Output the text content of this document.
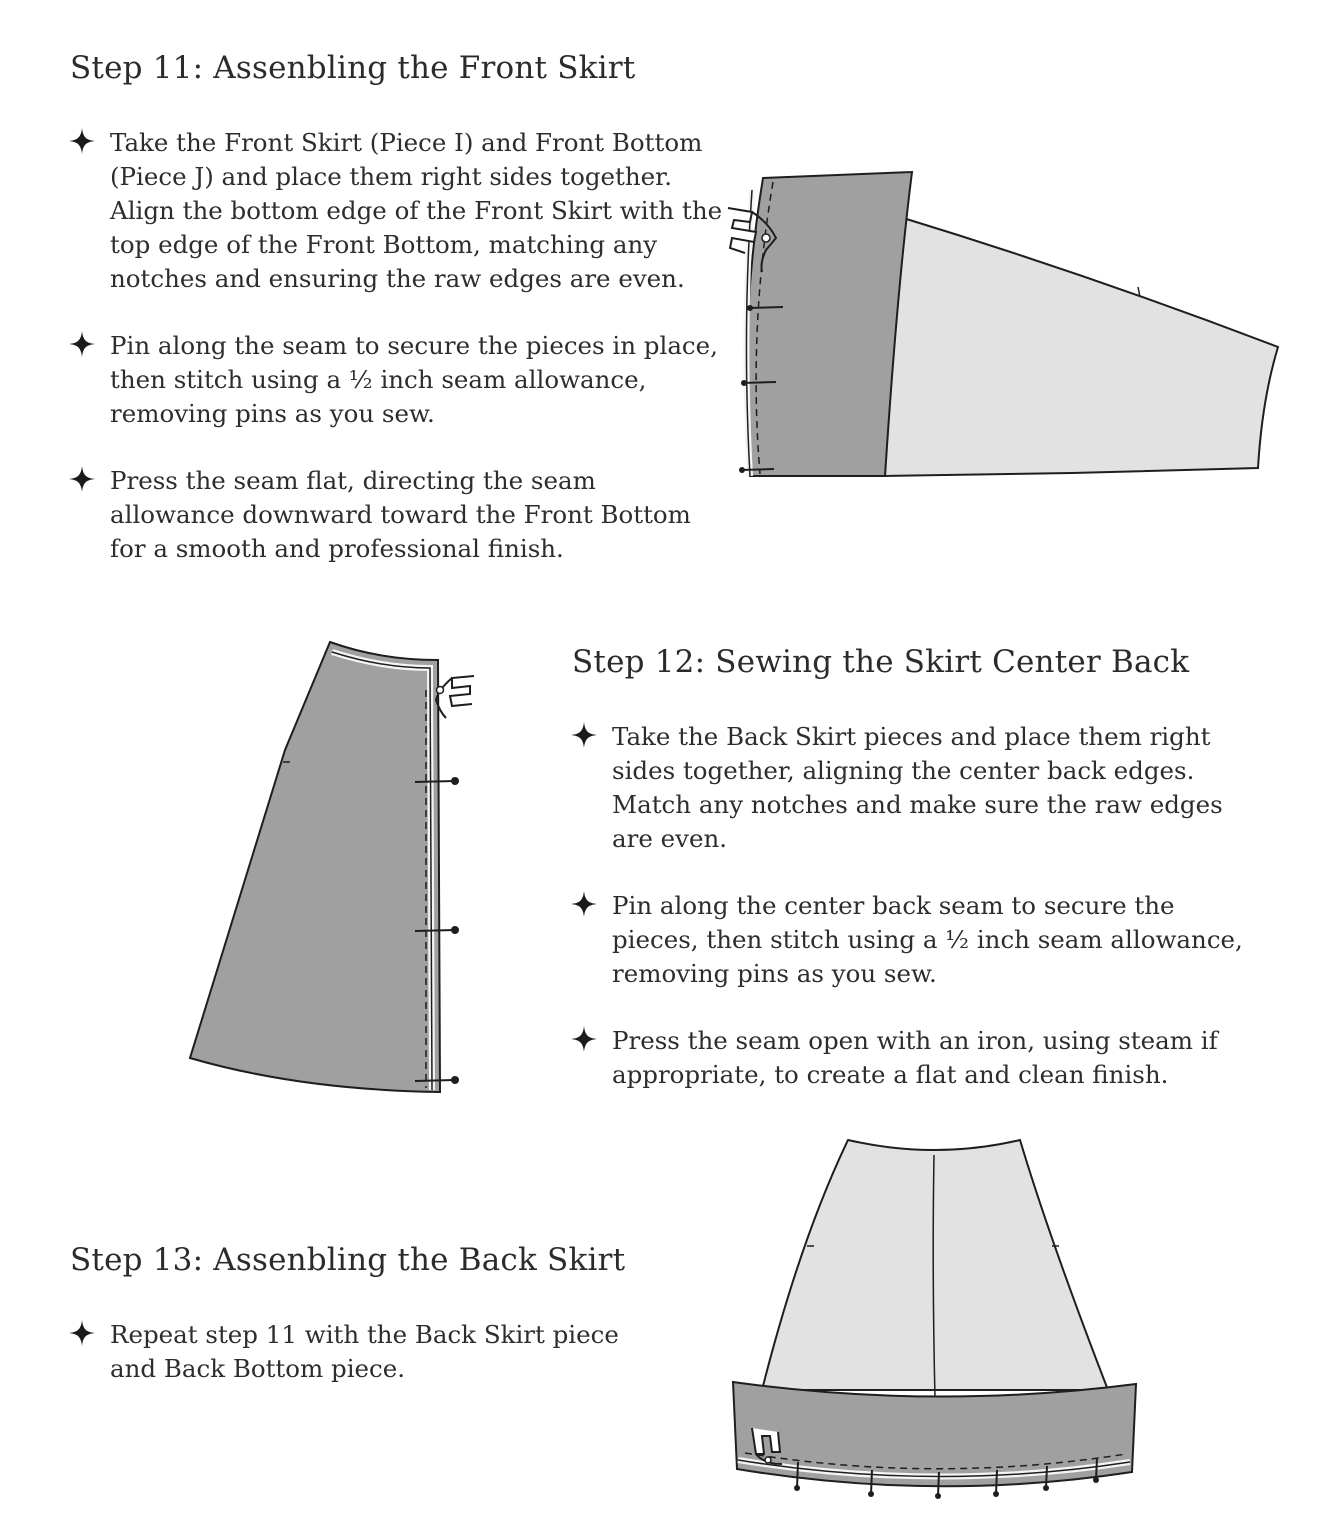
Step 11: Assenbling the Front Skirt
Take the Front Skirt (Piece I) and Front Bottom (Piece J) and place them right sides together. Align the bottom edge of the Front Skirt with the top edge of the Front Bottom, matching any notches and ensuring the raw edges are even.
Pin along the seam to secure the pieces in place, then stitch using a ½ inch seam allowance, removing pins as you sew.
Press the seam flat, directing the seam allowance downward toward the Front Bottom for a smooth and professional finish.
Step 12: Sewing the Skirt Center Back
Take the Back Skirt pieces and place them right sides together, aligning the center back edges. Match any notches and make sure the raw edges are even.
Pin along the center back seam to secure the pieces, then stitch using a ½ inch seam allowance, removing pins as you sew.
Press the seam open with an iron, using steam if appropriate, to create a flat and clean finish.
Step 13: Assenbling the Back Skirt
Repeat step 11 with the Back Skirt piece and Back Bottom piece.
